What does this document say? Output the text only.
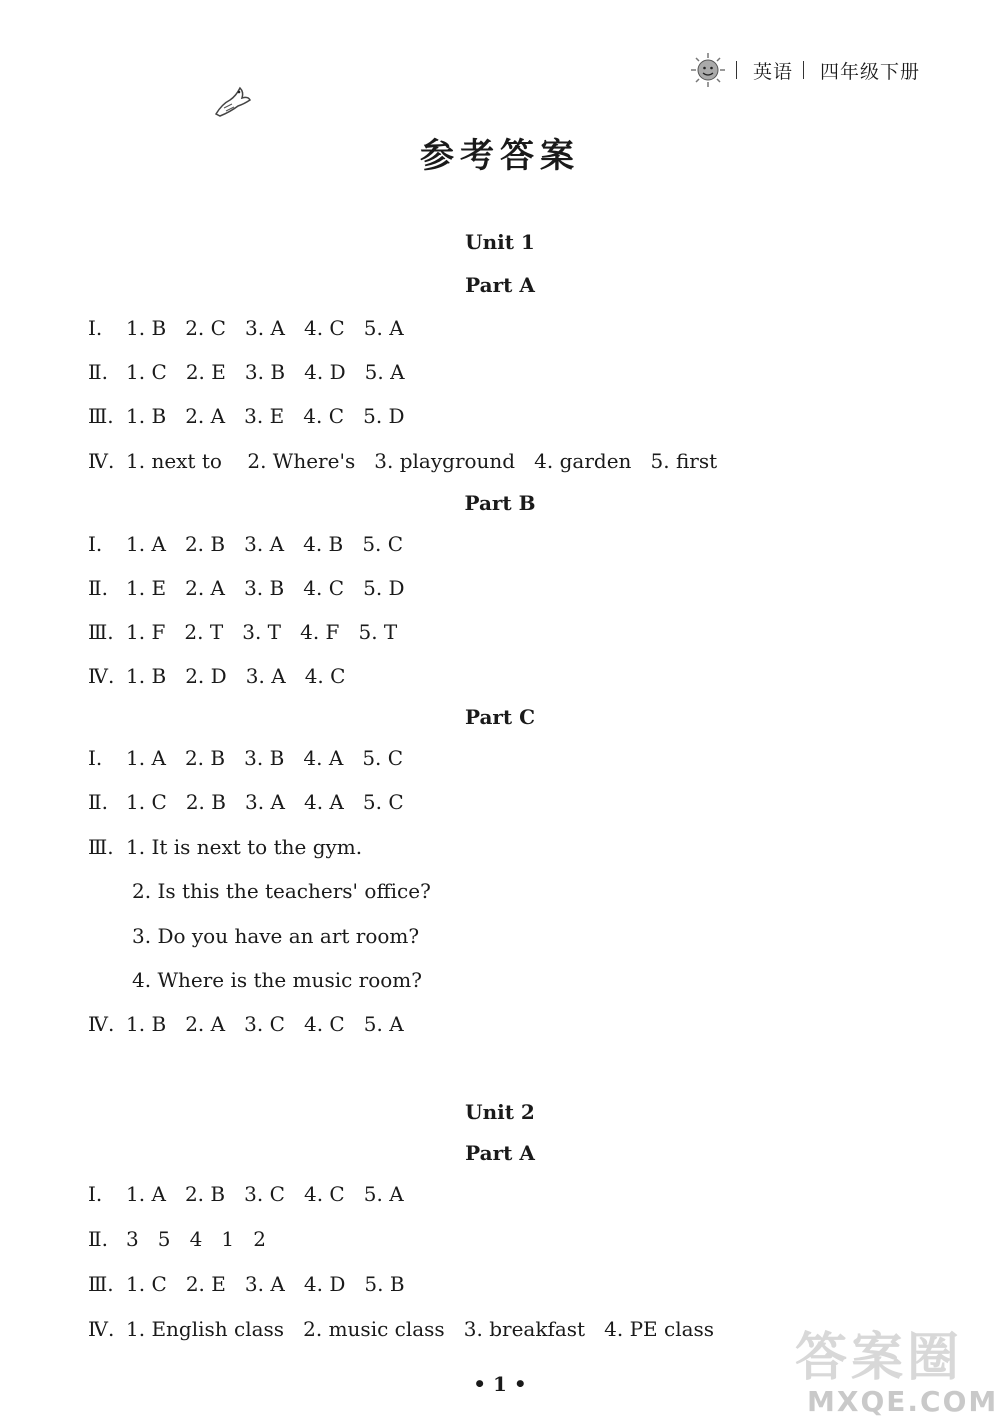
英语 四年级下册
参考答案
Unit 1
Part A
Ⅰ. 1. B   2. C   3. A   4. C   5. A
Ⅱ. 1. C   2. E   3. B   4. D   5. A
Ⅲ. 1. B   2. A   3. E   4. C   5. D
Ⅳ. 1. next to    2. Where's   3. playground   4. garden   5. first
Part B
Ⅰ. 1. A   2. B   3. A   4. B   5. C
Ⅱ. 1. E   2. A   3. B   4. C   5. D
Ⅲ. 1. F   2. T   3. T   4. F   5. T
Ⅳ. 1. B   2. D   3. A   4. C
Part C
Ⅰ. 1. A   2. B   3. B   4. A   5. C
Ⅱ. 1. C   2. B   3. A   4. A   5. C
Ⅲ. 1. It is next to the gym.
2. Is this the teachers' office?
3. Do you have an art room?
4. Where is the music room?
Ⅳ. 1. B   2. A   3. C   4. C   5. A
Unit 2
Part A
Ⅰ. 1. A   2. B   3. C   4. C   5. A
Ⅱ. 3   5   4   1   2
Ⅲ. 1. C   2. E   3. A   4. D   5. B
Ⅳ. 1. English class   2. music class   3. breakfast   4. PE class
• 1 •	答案圈
MXQE.COM
